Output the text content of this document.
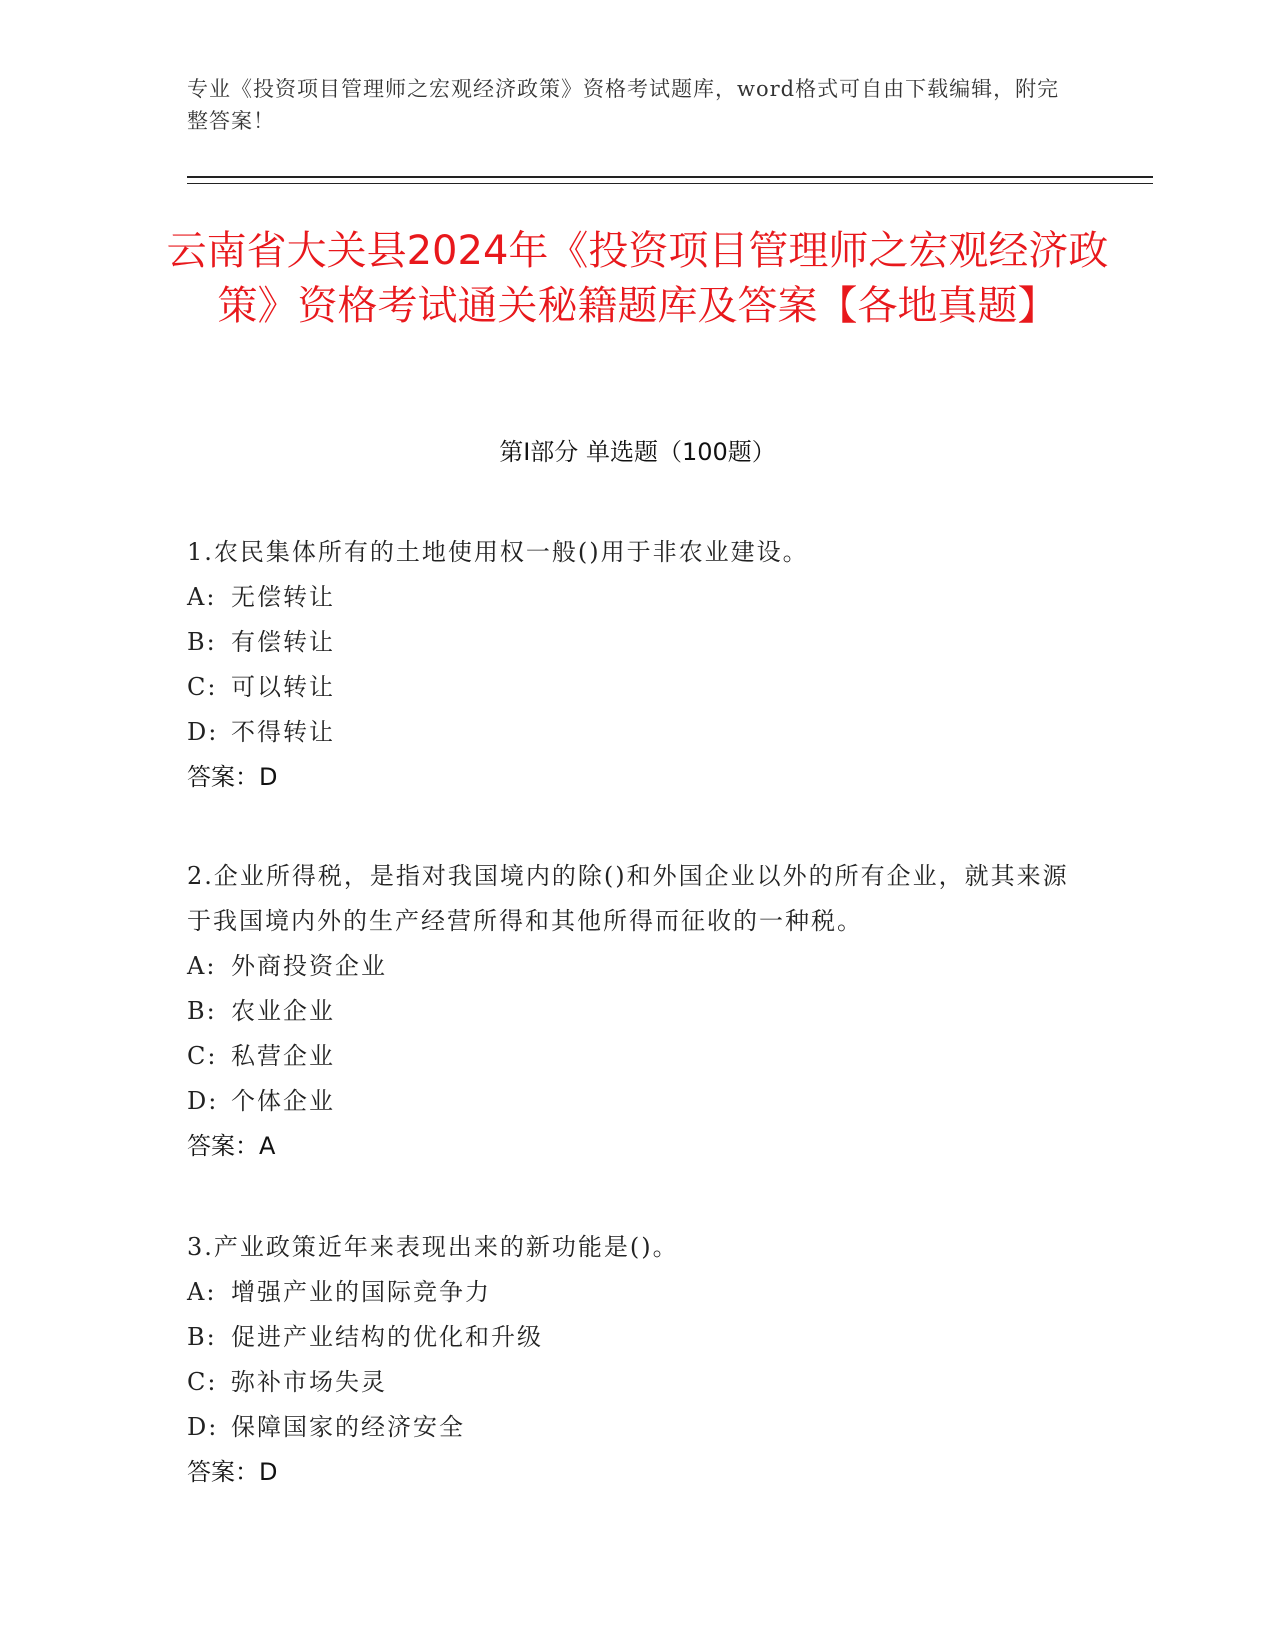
专业《投资项目管理师之宏观经济政策》资格考试题库，word格式可自由下载编辑，附完整答案！
云南省大关县2024年《投资项目管理师之宏观经济政策》资格考试通关秘籍题库及答案【各地真题】
第I部分 单选题（100题）
1.农民集体所有的土地使用权一般()用于非农业建设。
A: 无偿转让
B: 有偿转让
C: 可以转让
D: 不得转让
答案：D
2.企业所得税，是指对我国境内的除()和外国企业以外的所有企业，就其来源于我国境内外的生产经营所得和其他所得而征收的一种税。
A: 外商投资企业
B: 农业企业
C: 私营企业
D: 个体企业
答案：A
3.产业政策近年来表现出来的新功能是()。
A: 增强产业的国际竞争力
B: 促进产业结构的优化和升级
C: 弥补市场失灵
D: 保障国家的经济安全
答案：D
